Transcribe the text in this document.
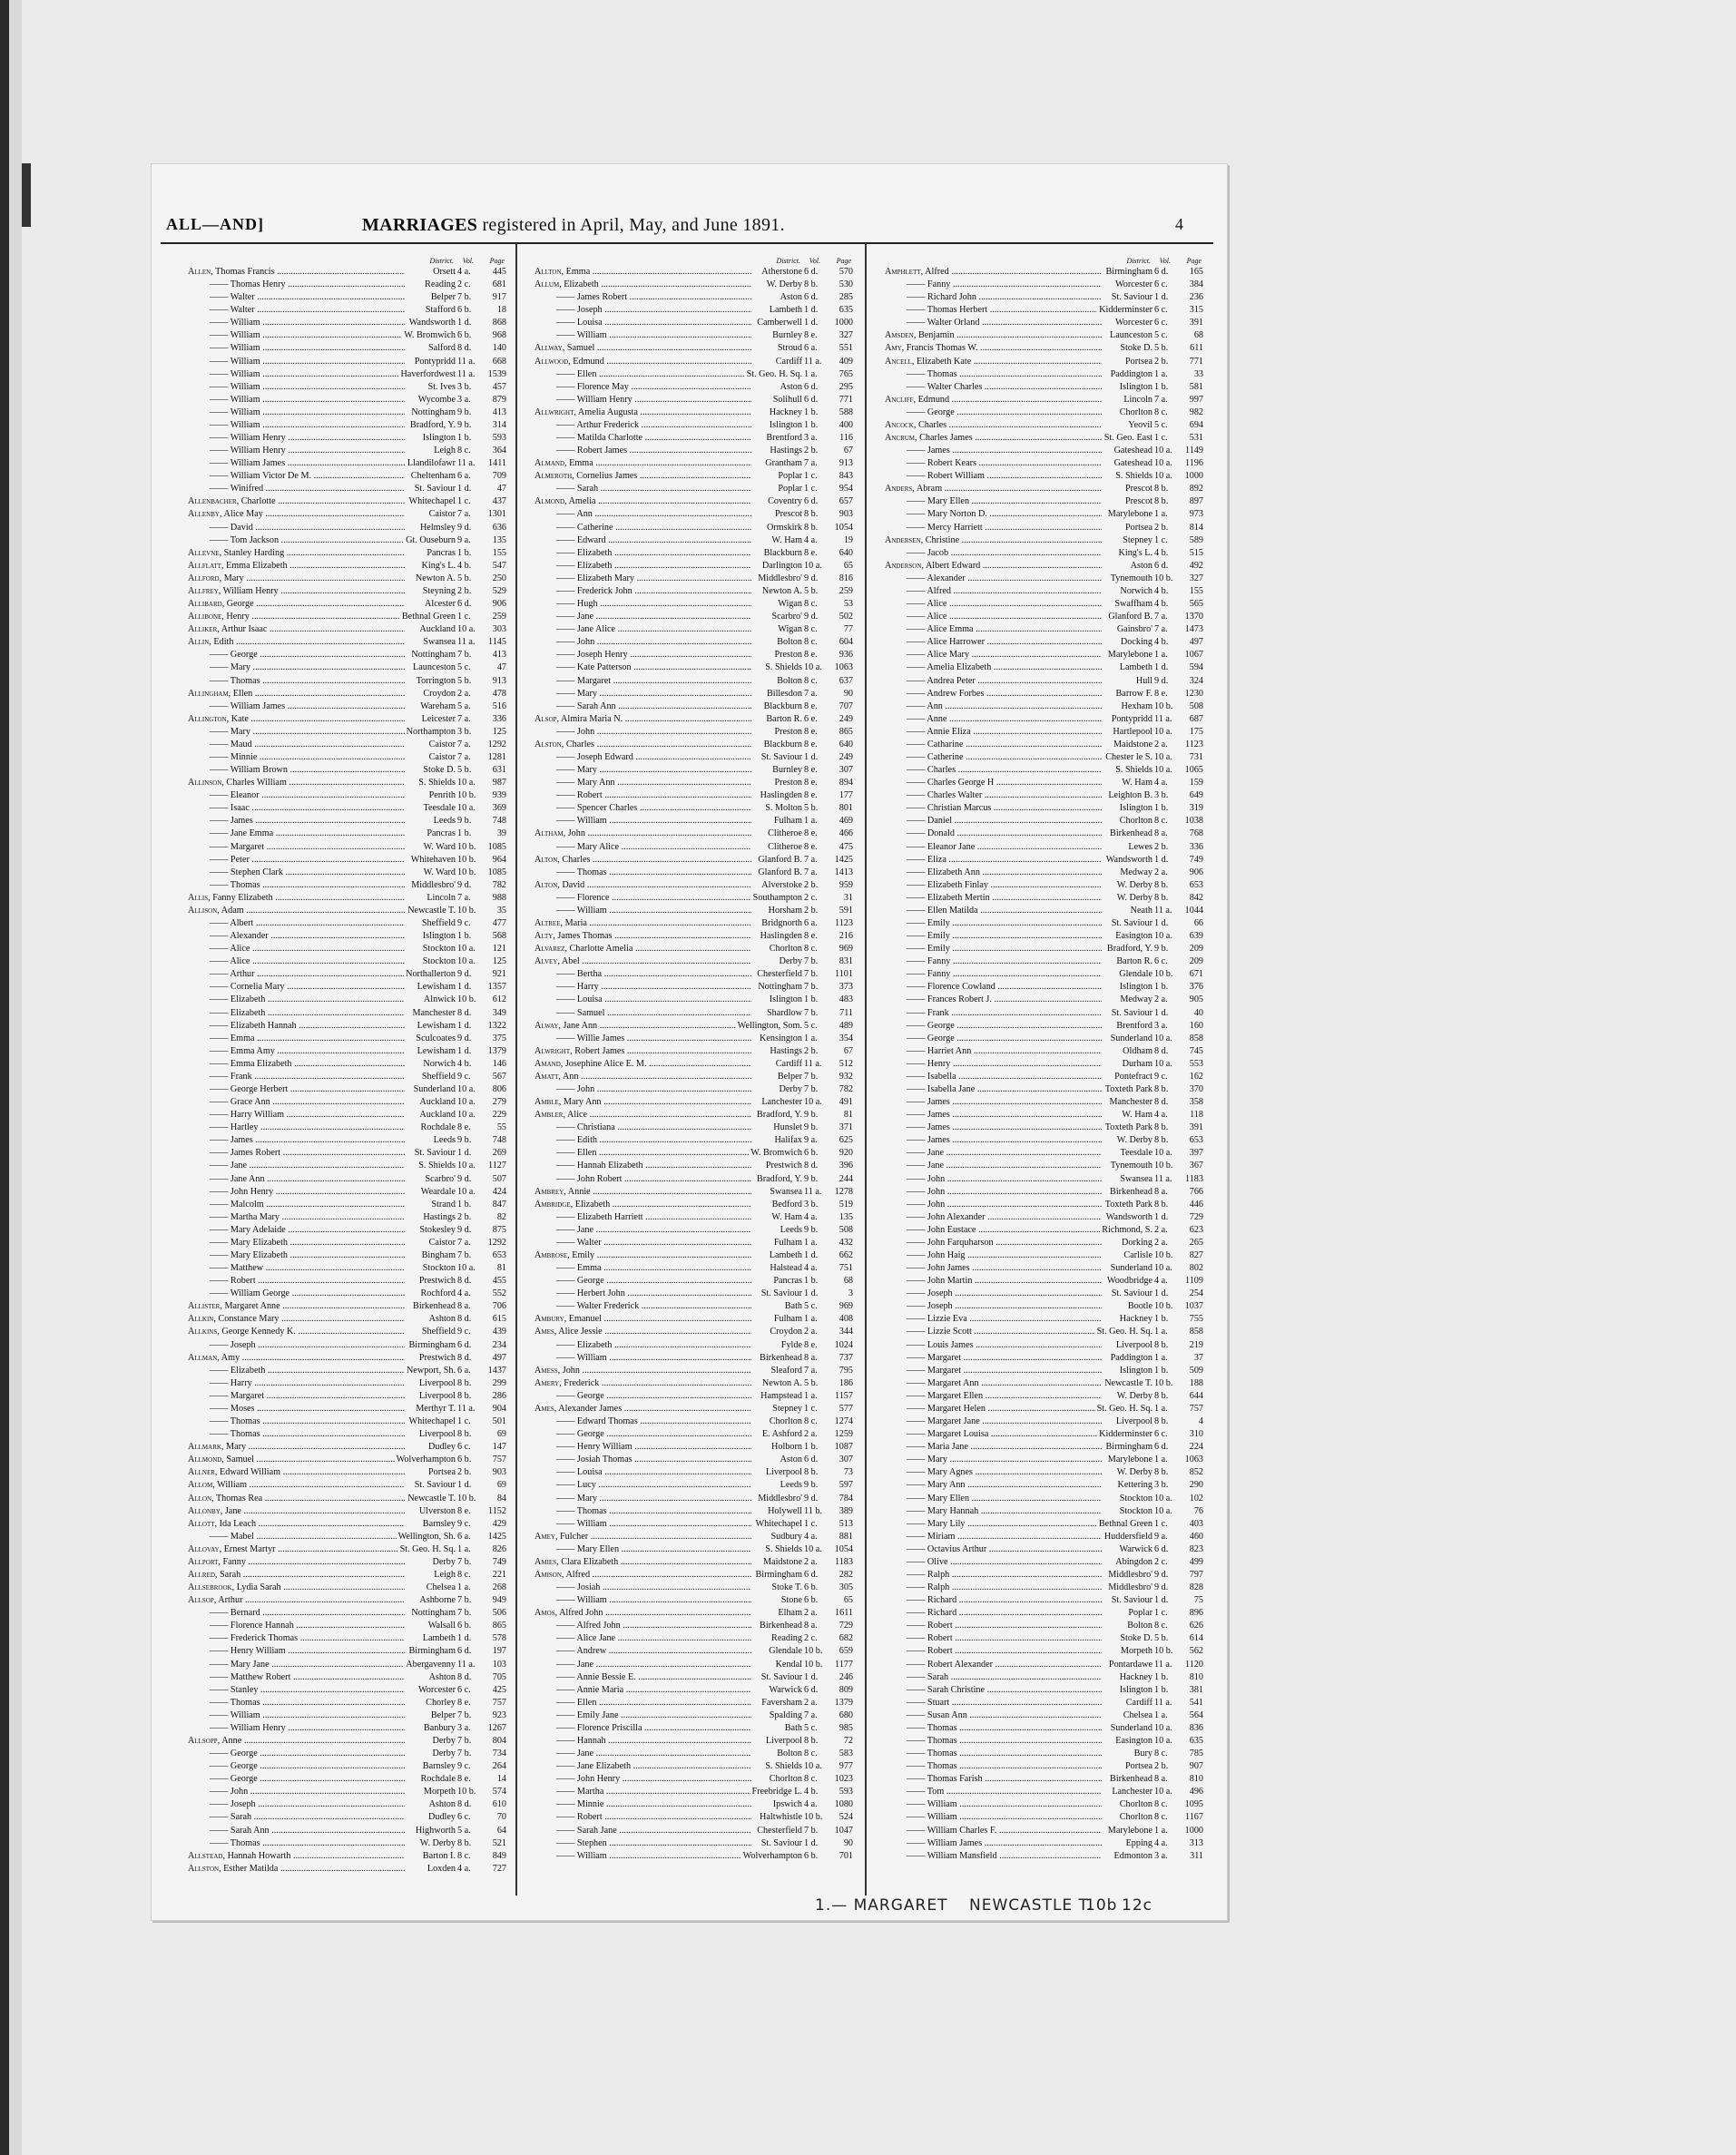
ALL—AND]	MARRIAGES registered in April, May, and June 1891.	4
District. Vol. Page
Allen, Thomas Francis .....	Orsett 4 a.	445
—— Thomas Henry .....	Reading 2 c.	681
—— Walter .....	Belper 7 b.	917
—— Walter .....	Stafford 6 b.	18
—— William .....	Wandsworth 1 d.	868
—— William .....	W. Bromwich 6 b.	968
—— William .....	Salford 8 d.	140
—— William .....	Pontypridd 11 a.	668
—— William .....	Haverfordwest 11 a.	1539
—— William .....	St. Ives 3 b.	457
—— William .....	Wycombe 3 a.	879
—— William .....	Nottingham 9 b.	413
—— William .....	Bradford, Y. 9 b.	314
—— William Henry .....	Islington 1 b.	593
—— William Henry .....	Leigh 8 c.	364
—— William James .....	Llandilofawr 11 a.	1411
—— William Victor De M. .....	Cheltenham 6 a.	709
—— Winifred .....	St. Saviour 1 d.	47
Allenbacher, Charlotte .....	Whitechapel 1 c.	437
Allenby, Alice May .....	Caistor 7 a.	1301
—— David .....	Helmsley 9 d.	636
—— Tom Jackson .....	Gt. Ouseburn 9 a.	135
Allevne, Stanley Harding .....	Pancras 1 b.	155
Allflatt, Emma Elizabeth .....	King's L. 4 b.	547
Allford, Mary .....	Newton A. 5 b.	250
Allfrey, William Henry .....	Steyning 2 b.	529
Allibard, George .....	Alcester 6 d.	906
Allibone, Henry .....	Bethnal Green 1 c.	259
Alliker, Arthur Isaac .....	Auckland 10 a.	303
Allin, Edith .....	Swansea 11 a.	1145
—— George .....	Nottingham 7 b.	413
—— Mary .....	Launceston 5 c.	47
—— Thomas .....	Torrington 5 b.	913
Allingham, Ellen .....	Croydon 2 a.	478
—— William James .....	Wareham 5 a.	516
Allington, Kate .....	Leicester 7 a.	336
—— Mary .....	Northampton 3 b.	125
—— Maud .....	Caistor 7 a.	1292
—— Minnie .....	Caistor 7 a.	1281
—— William Brown .....	Stoke D. 5 b.	631
Allinson, Charles William .....	S. Shields 10 a.	987
—— Eleanor .....	Penrith 10 b.	939
—— Isaac .....	Teesdale 10 a.	369
—— James .....	Leeds 9 b.	748
—— Jane Emma .....	Pancras 1 b.	39
—— Margaret .....	W. Ward 10 b.	1085
—— Peter .....	Whitehaven 10 b.	964
—— Stephen Clark .....	W. Ward 10 b.	1085
—— Thomas .....	Middlesbro' 9 d.	782
Allis, Fanny Elizabeth .....	Lincoln 7 a.	988
Allison, Adam .....	Newcastle T. 10 b.	35
—— Albert .....	Sheffield 9 c.	477
—— Alexander .....	Islington 1 b.	568
—— Alice .....	Stockton 10 a.	121
—— Alice .....	Stockton 10 a.	125
—— Arthur .....	Northallerton 9 d.	921
—— Cornelia Mary .....	Lewisham 1 d.	1357
—— Elizabeth .....	Alnwick 10 b.	612
—— Elizabeth .....	Manchester 8 d.	349
—— Elizabeth Hannah .....	Lewisham 1 d.	1322
—— Emma .....	Sculcoates 9 d.	375
—— Emma Amy .....	Lewisham 1 d.	1379
—— Emma Elizabeth .....	Norwich 4 b.	146
—— Frank .....	Sheffield 9 c.	567
—— George Herbert .....	Sunderland 10 a.	806
—— Grace Ann .....	Auckland 10 a.	279
—— Harry William .....	Auckland 10 a.	229
—— Hartley .....	Rochdale 8 e.	55
—— James .....	Leeds 9 b.	748
—— James Robert .....	St. Saviour 1 d.	269
—— Jane .....	S. Shields 10 a.	1127
—— Jane Ann .....	Scarbro' 9 d.	507
—— John Henry .....	Weardale 10 a.	424
—— Malcolm .....	Strand 1 b.	847
—— Martha Mary .....	Hastings 2 b.	82
—— Mary Adelaide .....	Stokesley 9 d.	875
—— Mary Elizabeth .....	Caistor 7 a.	1292
—— Mary Elizabeth .....	Bingham 7 b.	653
—— Matthew .....	Stockton 10 a.	81
—— Robert .....	Prestwich 8 d.	455
—— William George .....	Rochford 4 a.	552
Allister, Margaret Anne .....	Birkenhead 8 a.	706
Allkin, Constance Mary .....	Ashton 8 d.	615
Allkins, George Kennedy K. .....	Sheffield 9 c.	439
—— Joseph .....	Birmingham 6 d.	234
Allman, Amy .....	Prestwich 8 d.	497
—— Elizabeth .....	Newport, Sh. 6 a.	1437
—— Harry .....	Liverpool 8 b.	299
—— Margaret .....	Liverpool 8 b.	286
—— Moses .....	Merthyr T. 11 a.	904
—— Thomas .....	Whitechapel 1 c.	501
—— Thomas .....	Liverpool 8 b.	69
Allmark, Mary .....	Dudley 6 c.	147
Allmond, Samuel .....	Wolverhampton 6 b.	757
Allner, Edward William .....	Portsea 2 b.	903
Allom, William .....	St. Saviour 1 d.	69
Allon, Thomas Rea .....	Newcastle T. 10 b.	84
Allonby, Jane .....	Ulverston 8 e.	1152
Allott, Ida Leach .....	Barnsley 9 c.	429
—— Mabel .....	Wellington, Sh. 6 a.	1425
Allovay, Ernest Martyr .....	St. Geo. H. Sq. 1 a.	826
Allport, Fanny .....	Derby 7 b.	749
Allred, Sarah .....	Leigh 8 c.	221
Allsebrook, Lydia Sarah .....	Chelsea 1 a.	268
Allsop, Arthur .....	Ashborne 7 b.	949
—— Bernard .....	Nottingham 7 b.	506
—— Florence Hannah .....	Walsall 6 b.	865
—— Frederick Thomas .....	Lambeth 1 d.	578
—— Henry William .....	Birmingham 6 d.	197
—— Mary Jane .....	Abergavenny 11 a.	103
—— Matthew Robert .....	Ashton 8 d.	705
—— Stanley .....	Worcester 6 c.	425
—— Thomas .....	Chorley 8 e.	757
—— William .....	Belper 7 b.	923
—— William Henry .....	Banbury 3 a.	1267
Allsopp, Anne .....	Derby 7 b.	804
—— George .....	Derby 7 b.	734
—— George .....	Barnsley 9 c.	264
—— George .....	Rochdale 8 e.	14
—— John .....	Morpeth 10 b.	574
—— Joseph .....	Ashton 8 d.	610
—— Sarah .....	Dudley 6 c.	70
—— Sarah Ann .....	Highworth 5 a.	64
—— Thomas .....	W. Derby 8 b.	521
Allstead, Hannah Howarth .....	Barton I. 8 c.	849
Allston, Esther Matilda .....	Loxden 4 a.	727
District. Vol. Page
Allton, Emma .....	Atherstone 6 d.	570
Allum, Elizabeth .....	W. Derby 8 b.	530
—— James Robert .....	Aston 6 d.	285
—— Joseph .....	Lambeth 1 d.	635
—— Louisa .....	Camberwell 1 d.	1000
—— William .....	Burnley 8 e.	327
Allway, Samuel .....	Stroud 6 a.	551
Allwood, Edmund .....	Cardiff 11 a.	409
—— Ellen .....	St. Geo. H. Sq. 1 a.	765
—— Florence May .....	Aston 6 d.	295
—— William Henry .....	Solihull 6 d.	771
Allwright, Amelia Augusta .....	Hackney 1 b.	588
—— Arthur Frederick .....	Islington 1 b.	400
—— Matilda Charlotte .....	Brentford 3 a.	116
—— Robert James .....	Hastings 2 b.	67
Almand, Emma .....	Grantham 7 a.	913
Almeroth, Cornelius James .....	Poplar 1 c.	843
—— Sarah .....	Poplar 1 c.	954
Almond, Amelia .....	Coventry 6 d.	657
—— Ann .....	Prescot 8 b.	903
—— Catherine .....	Ormskirk 8 b.	1054
—— Edward .....	W. Ham 4 a.	19
—— Elizabeth .....	Blackburn 8 e.	640
—— Elizabeth .....	Darlington 10 a.	65
—— Elizabeth Mary .....	Middlesbro' 9 d.	816
—— Frederick John .....	Newton A. 5 b.	259
—— Hugh .....	Wigan 8 c.	53
—— Jane .....	Scarbro' 9 d.	502
—— Jane Alice .....	Wigan 8 c.	77
—— John .....	Bolton 8 c.	604
—— Joseph Henry .....	Preston 8 e.	936
—— Kate Patterson .....	S. Shields 10 a.	1063
—— Margaret .....	Bolton 8 c.	637
—— Mary .....	Billesdon 7 a.	90
—— Sarah Ann .....	Blackburn 8 e.	707
Alsop, Almira Maria N. .....	Barton R. 6 e.	249
—— John .....	Preston 8 e.	865
Alston, Charles .....	Blackburn 8 e.	640
—— Joseph Edward .....	St. Saviour 1 d.	249
—— Mary .....	Burnley 8 e.	307
—— Mary Ann .....	Preston 8 e.	894
—— Robert .....	Haslingden 8 e.	177
—— Spencer Charles .....	S. Molton 5 b.	801
—— William .....	Fulham 1 a.	469
Altham, John .....	Clitheroe 8 e.	466
—— Mary Alice .....	Clitheroe 8 e.	475
Alton, Charles .....	Glanford B. 7 a.	1425
—— Thomas .....	Glanford B. 7 a.	1413
Alton, David .....	Alverstoke 2 b.	959
—— Florence .....	Southampton 2 c.	31
—— William .....	Horsham 2 b.	591
Altree, Maria .....	Bridgnorth 6 a.	1123
Alty, James Thomas .....	Haslingden 8 e.	216
Alvarez, Charlotte Amelia .....	Chorlton 8 c.	969
Alvey, Abel .....	Derby 7 b.	831
—— Bertha .....	Chesterfield 7 b.	1101
—— Harry .....	Nottingham 7 b.	373
—— Louisa .....	Islington 1 b.	483
—— Samuel .....	Shardlow 7 b.	711
Alway, Jane Ann .....	Wellington, Som. 5 c.	489
—— Willie James .....	Kensington 1 a.	354
Alwright, Robert James .....	Hastings 2 b.	67
Amand, Josephine Alice E. M. .....	Cardiff 11 a.	512
Amatt, Ann .....	Belper 7 b.	932
—— John .....	Derby 7 b.	782
Amble, Mary Ann .....	Lanchester 10 a.	491
Ambler, Alice .....	Bradford, Y. 9 b.	81
—— Christiana .....	Hunslet 9 b.	371
—— Edith .....	Halifax 9 a.	625
—— Ellen .....	W. Bromwich 6 b.	920
—— Hannah Elizabeth .....	Prestwich 8 d.	396
—— John Robert .....	Bradford, Y. 9 b.	244
Ambrey, Annie .....	Swansea 11 a.	1278
Ambridge, Elizabeth .....	Bedford 3 b.	519
—— Elizabeth Harriett .....	W. Ham 4 a.	135
—— Jane .....	Leeds 9 b.	508
—— Walter .....	Fulham 1 a.	432
Ambrose, Emily .....	Lambeth 1 d.	662
—— Emma .....	Halstead 4 a.	751
—— George .....	Pancras 1 b.	68
—— Herbert John .....	St. Saviour 1 d.	3
—— Walter Frederick .....	Bath 5 c.	969
Ambury, Emanuel .....	Fulham 1 a.	408
Ames, Alice Jessie .....	Croydon 2 a.	344
—— Elizabeth .....	Fylde 8 e.	1024
—— William .....	Birkenhead 8 a.	737
Amess, John .....	Sleaford 7 a.	795
Amery, Frederick .....	Newton A. 5 b.	186
—— George .....	Hampstead 1 a.	1157
Ames, Alexander James .....	Stepney 1 c.	577
—— Edward Thomas .....	Chorlton 8 c.	1274
—— George .....	E. Ashford 2 a.	1259
—— Henry William .....	Holborn 1 b.	1087
—— Josiah Thomas .....	Aston 6 d.	307
—— Louisa .....	Liverpool 8 b.	73
—— Lucy .....	Leeds 9 b.	597
—— Mary .....	Middlesbro' 9 d.	784
—— Thomas .....	Holywell 11 b.	389
—— William .....	Whitechapel 1 c.	513
Amey, Fulcher .....	Sudbury 4 a.	881
—— Mary Ellen .....	S. Shields 10 a.	1054
Amies, Clara Elizabeth .....	Maidstone 2 a.	1183
Amison, Alfred .....	Birmingham 6 d.	282
—— Josiah .....	Stoke T. 6 b.	305
—— William .....	Stone 6 b.	65
Amos, Alfred John .....	Elham 2 a.	1611
—— Alfred John .....	Birkenhead 8 a.	729
—— Alice Jane .....	Reading 2 c.	682
—— Andrew .....	Glendale 10 b.	659
—— Jane .....	Kendal 10 b.	1177
—— Annie Bessie E. .....	St. Saviour 1 d.	246
—— Annie Maria .....	Warwick 6 d.	809
—— Ellen .....	Faversham 2 a.	1379
—— Emily Jane .....	Spalding 7 a.	680
—— Florence Priscilla .....	Bath 5 c.	985
—— Hannah .....	Liverpool 8 b.	72
—— Jane .....	Bolton 8 c.	583
—— Jane Elizabeth .....	S. Shields 10 a.	977
—— John Henry .....	Chorlton 8 c.	1023
—— Martha .....	Freebridge L. 4 b.	593
—— Minnie .....	Ipswich 4 a.	1080
—— Robert .....	Haltwhistle 10 b.	524
—— Sarah Jane .....	Chesterfield 7 b.	1047
—— Stephen .....	St. Saviour 1 d.	90
—— William .....	Wolverhampton 6 b.	701
District. Vol. Page
Amphlett, Alfred .....	Birmingham 6 d.	165
—— Fanny .....	Worcester 6 c.	384
—— Richard John .....	St. Saviour 1 d.	236
—— Thomas Herbert .....	Kidderminster 6 c.	315
—— Walter Orland .....	Worcester 6 c.	391
Amsden, Benjamin .....	Launceston 5 c.	68
Amy, Francis Thomas W. .....	Stoke D. 5 b.	611
Ancell, Elizabeth Kate .....	Portsea 2 b.	771
—— Thomas .....	Paddington 1 a.	33
—— Walter Charles .....	Islington 1 b.	581
Ancliff, Edmund .....	Lincoln 7 a.	997
—— George .....	Chorlton 8 c.	982
Ancock, Charles .....	Yeovil 5 c.	694
Ancrum, Charles James .....	St. Geo. East 1 c.	531
—— James .....	Gateshead 10 a.	1149
—— Robert Kears .....	Gateshead 10 a.	1196
—— Robert William .....	S. Shields 10 a.	1000
Anders, Abram .....	Prescot 8 b.	892
—— Mary Ellen .....	Prescot 8 b.	897
—— Mary Norton D. .....	Marylebone 1 a.	973
—— Mercy Harriett .....	Portsea 2 b.	814
Andersen, Christine .....	Stepney 1 c.	589
—— Jacob .....	King's L. 4 b.	515
Anderson, Albert Edward .....	Aston 6 d.	492
—— Alexander .....	Tynemouth 10 b.	327
—— Alfred .....	Norwich 4 b.	155
—— Alice .....	Swaffham 4 b.	565
—— Alice .....	Glanford B. 7 a.	1370
—— Alice Emma .....	Gainsbro' 7 a.	1473
—— Alice Harrower .....	Docking 4 b.	497
—— Alice Mary .....	Marylebone 1 a.	1067
—— Amelia Elizabeth .....	Lambeth 1 d.	594
—— Andrea Peter .....	Hull 9 d.	324
—— Andrew Forbes .....	Barrow F. 8 e.	1230
—— Ann .....	Hexham 10 b.	508
—— Anne .....	Pontypridd 11 a.	687
—— Annie Eliza .....	Hartlepool 10 a.	175
—— Catharine .....	Maidstone 2 a.	1123
—— Catherine .....	Chester le S. 10 a.	731
—— Charles .....	S. Shields 10 a.	1065
—— Charles George H .....	W. Ham 4 a.	159
—— Charles Walter .....	Leighton B. 3 b.	649
—— Christian Marcus .....	Islington 1 b.	319
—— Daniel .....	Chorlton 8 c.	1038
—— Donald .....	Birkenhead 8 a.	768
—— Eleanor Jane .....	Lewes 2 b.	336
—— Eliza .....	Wandsworth 1 d.	749
—— Elizabeth Ann .....	Medway 2 a.	906
—— Elizabeth Finlay .....	W. Derby 8 b.	653
—— Elizabeth Mertin .....	W. Derby 8 b.	842
—— Ellen Matilda .....	Neath 11 a.	1044
—— Emily .....	St. Saviour 1 d.	66
—— Emily .....	Easington 10 a.	639
—— Emily .....	Bradford, Y. 9 b.	209
—— Fanny .....	Barton R. 6 c.	209
—— Fanny .....	Glendale 10 b.	671
—— Florence Cowland .....	Islington 1 b.	376
—— Frances Robert J. .....	Medway 2 a.	905
—— Frank .....	St. Saviour 1 d.	40
—— George .....	Brentford 3 a.	160
—— George .....	Sunderland 10 a.	858
—— Harriet Ann .....	Oldham 8 d.	745
—— Henry .....	Durham 10 a.	553
—— Isabella .....	Pontefract 9 c.	162
—— Isabella Jane .....	Toxteth Park 8 b.	370
—— James .....	Manchester 8 d.	358
—— James .....	W. Ham 4 a.	118
—— James .....	Toxteth Park 8 b.	391
—— James .....	W. Derby 8 b.	653
—— Jane .....	Teesdale 10 a.	397
—— Jane .....	Tynemouth 10 b.	367
—— John .....	Swansea 11 a.	1183
—— John .....	Birkenhead 8 a.	766
—— John .....	Toxteth Park 8 b.	446
—— John Alexander .....	Wandsworth 1 d.	729
—— John Eustace .....	Richmond, S. 2 a.	623
—— John Farquharson .....	Dorking 2 a.	265
—— John Haig .....	Carlisle 10 b.	827
—— John James .....	Sunderland 10 a.	802
—— John Martin .....	Woodbridge 4 a.	1109
—— Joseph .....	St. Saviour 1 d.	254
—— Joseph .....	Bootle 10 b.	1037
—— Lizzie Eva .....	Hackney 1 b.	755
—— Lizzie Scott .....	St. Geo. H. Sq. 1 a.	858
—— Louis James .....	Liverpool 8 b.	219
—— Margaret .....	Paddington 1 a.	37
—— Margaret .....	Islington 1 b.	509
—— Margaret Ann .....	Newcastle T. 10 b.	188
—— Margaret Ellen .....	W. Derby 8 b.	644
—— Margaret Helen .....	St. Geo. H. Sq. 1 a.	757
—— Margaret Jane .....	Liverpool 8 b.	4
—— Margaret Louisa .....	Kidderminster 6 c.	310
—— Maria Jane .....	Birmingham 6 d.	224
—— Mary .....	Marylebone 1 a.	1063
—— Mary Agnes .....	W. Derby 8 b.	852
—— Mary Ann .....	Kettering 3 b.	290
—— Mary Ellen .....	Stockton 10 a.	102
—— Mary Hannah .....	Stockton 10 a.	76
—— Mary Lily .....	Bethnal Green 1 c.	403
—— Miriam .....	Huddersfield 9 a.	460
—— Octavius Arthur .....	Warwick 6 d.	823
—— Olive .....	Abingdon 2 c.	499
—— Ralph .....	Middlesbro' 9 d.	797
—— Ralph .....	Middlesbro' 9 d.	828
—— Richard .....	St. Saviour 1 d.	75
—— Richard .....	Poplar 1 c.	896
—— Robert .....	Bolton 8 c.	626
—— Robert .....	Stoke D. 5 b.	614
—— Robert .....	Morpeth 10 b.	562
—— Robert Alexander .....	Pontardawe 11 a.	1120
—— Sarah .....	Hackney 1 b.	810
—— Sarah Christine .....	Islington 1 b.	381
—— Stuart .....	Cardiff 11 a.	541
—— Susan Ann .....	Chelsea 1 a.	564
—— Thomas .....	Sunderland 10 a.	836
—— Thomas .....	Easington 10 a.	635
—— Thomas .....	Bury 8 c.	785
—— Thomas .....	Portsea 2 b.	907
—— Thomas Farish .....	Birkenhead 8 a.	810
—— Tom .....	Lanchester 10 a.	496
—— William .....	Chorlton 8 c.	1095
—— William .....	Chorlton 8 c.	1167
—— William Charles F. .....	Marylebone 1 a.	1000
—— William James .....	Epping 4 a.	313
—— William Mansfield .....	Edmonton 3 a.	311
1.— MARGARET NEWCASTLE T.
10b 12c
